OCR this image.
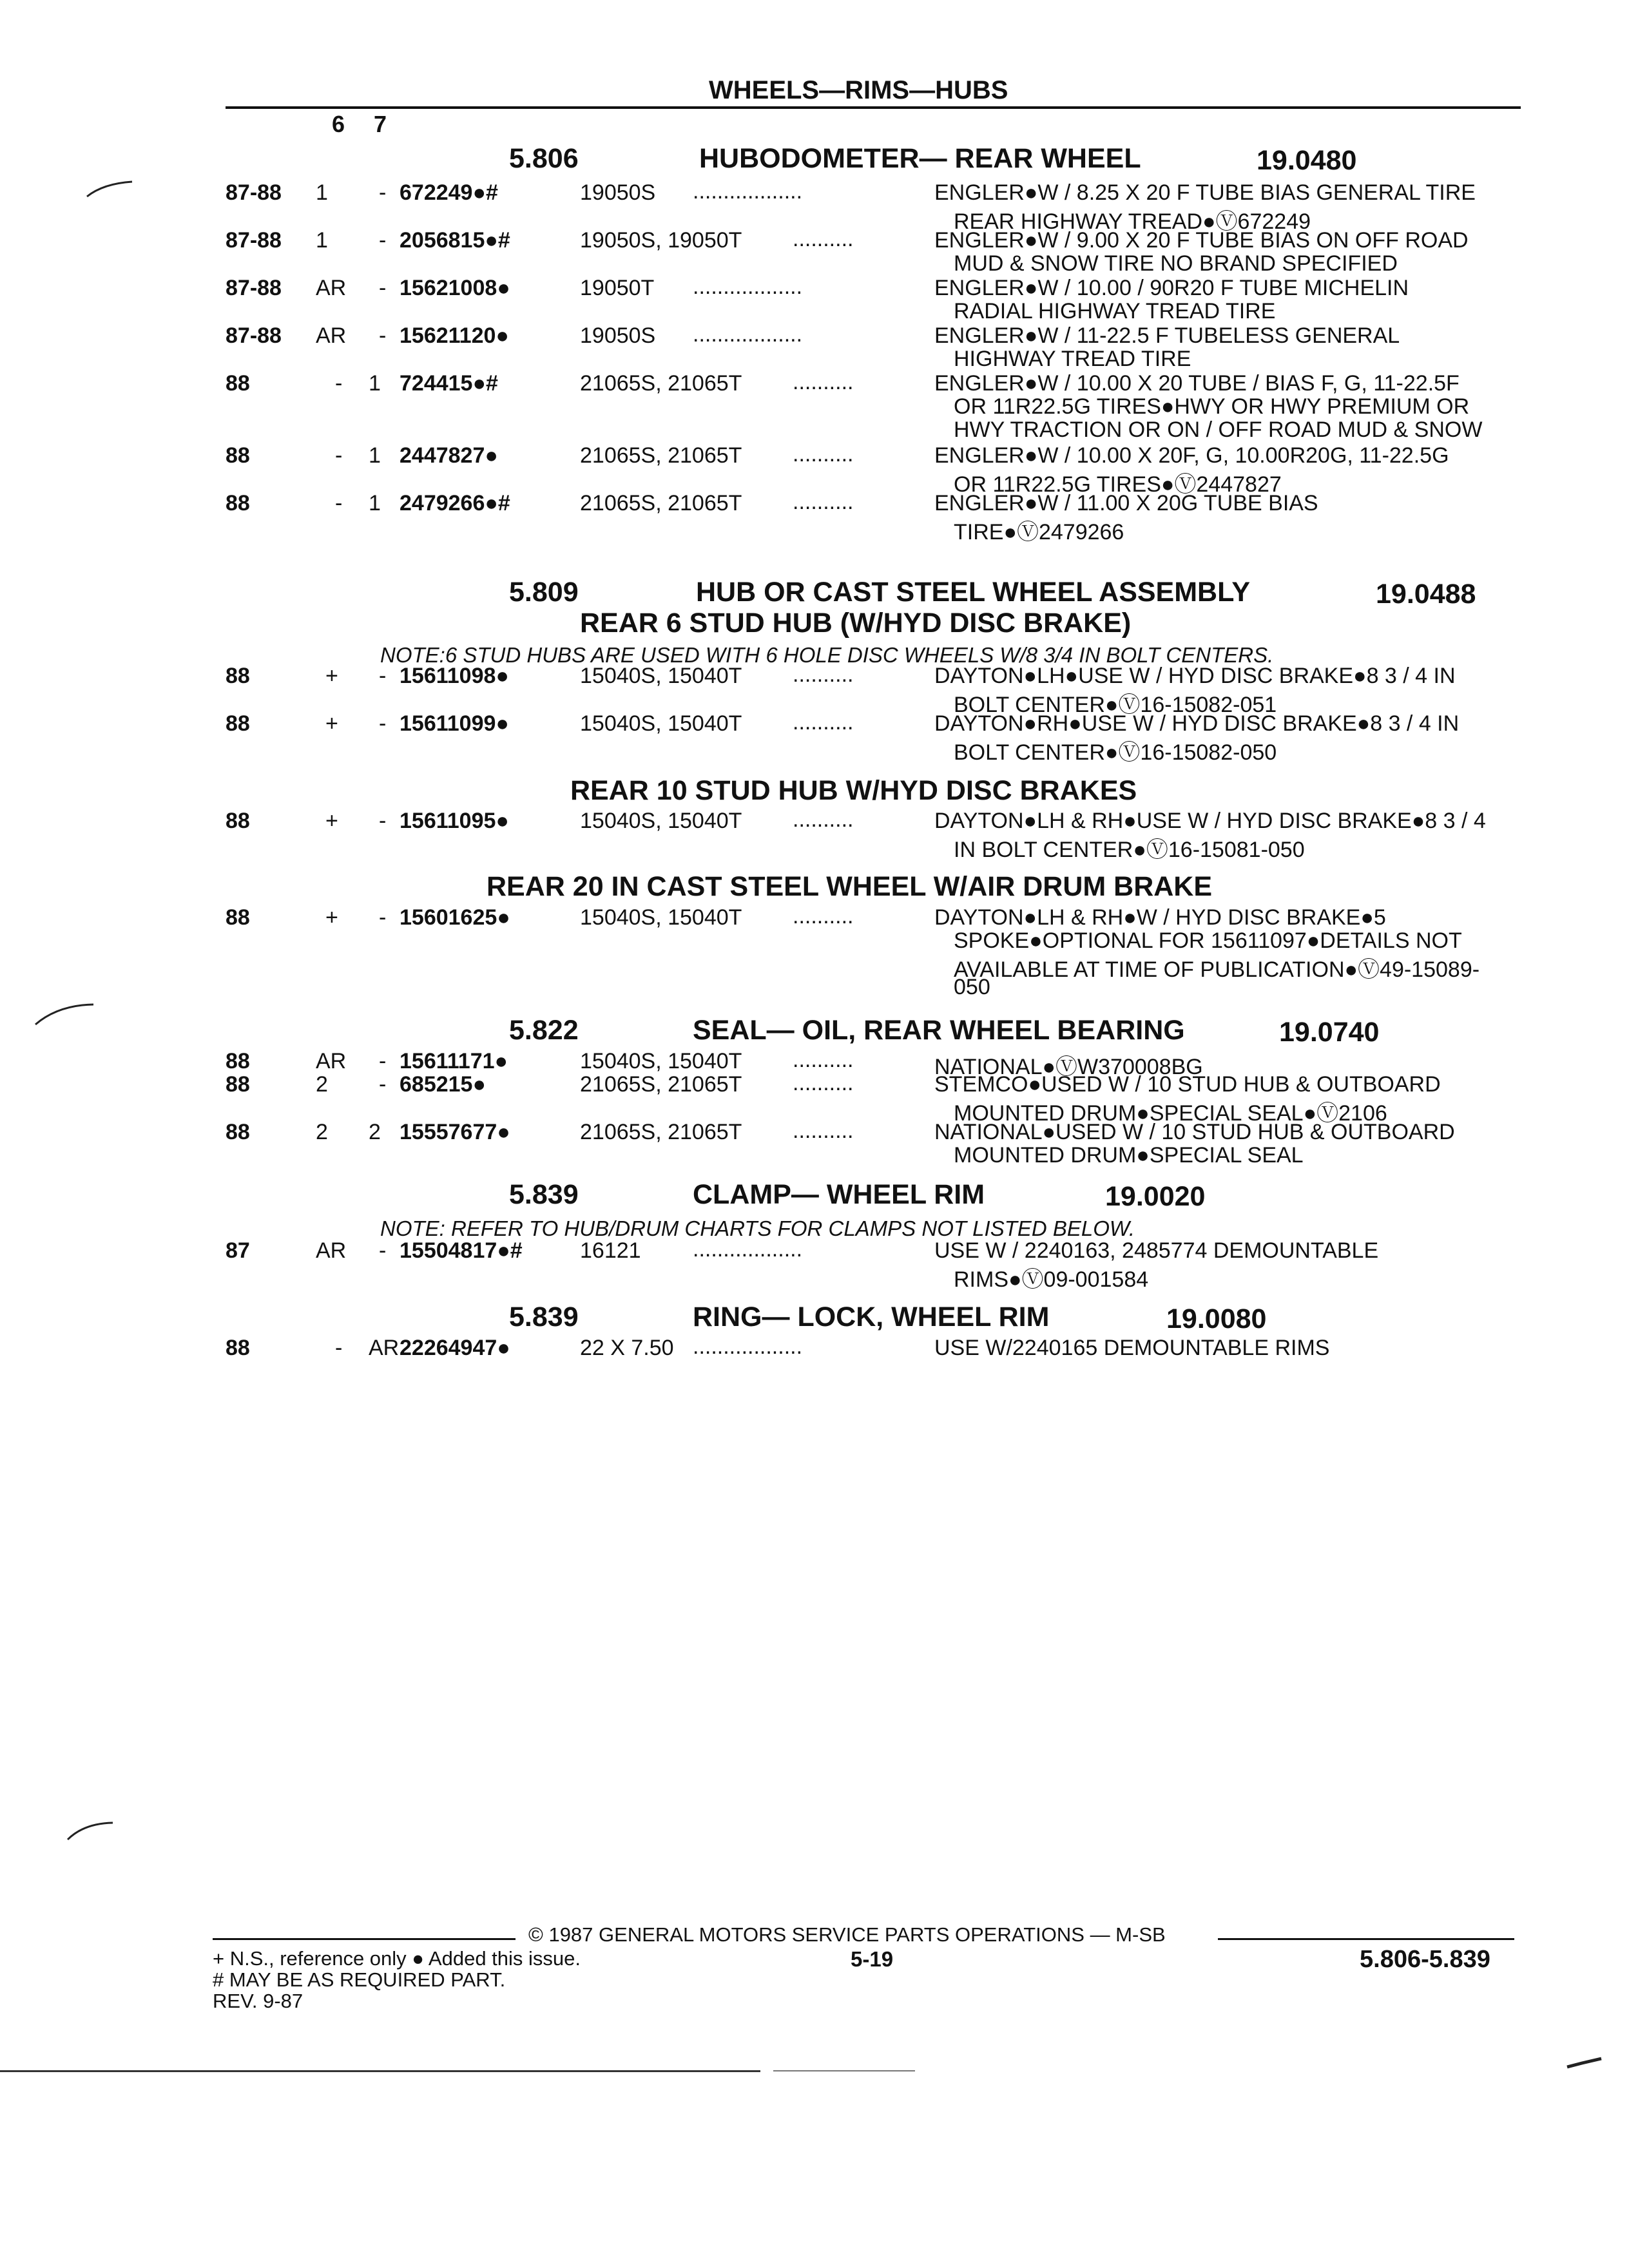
WHEELS—RIMS—HUBS
6 7
5.806	HUBODOMETER— REAR WHEEL	19.0480
87-88 1 - 672249●#	19050S ..................	ENGLER●W / 8.25 X 20 F TUBE BIAS GENERAL TIRE
REAR HIGHWAY TREAD●Ⓥ672249
87-88 1 - 2056815●#	19050S, 19050T ..........	ENGLER●W / 9.00 X 20 F TUBE BIAS ON OFF ROAD
MUD & SNOW TIRE NO BRAND SPECIFIED
87-88 AR - 15621008●	19050T ..................	ENGLER●W / 10.00 / 90R20 F TUBE MICHELIN
RADIAL HIGHWAY TREAD TIRE
87-88 AR - 15621120●	19050S ..................	ENGLER●W / 11-22.5 F TUBELESS GENERAL
HIGHWAY TREAD TIRE
88	- 1 724415●#	21065S, 21065T ..........	ENGLER●W / 10.00 X 20 TUBE / BIAS F, G, 11-22.5F
OR 11R22.5G TIRES●HWY OR HWY PREMIUM OR
HWY TRACTION OR ON / OFF ROAD MUD & SNOW
88	- 1 2447827●	21065S, 21065T ..........	ENGLER●W / 10.00 X 20F, G, 10.00R20G, 11-22.5G
OR 11R22.5G TIRES●Ⓥ2447827
88	- 1 2479266●#	21065S, 21065T ..........	ENGLER●W / 11.00 X 20G TUBE BIAS
TIRE●Ⓥ2479266
5.809	HUB OR CAST STEEL WHEEL ASSEMBLY	19.0488
REAR 6 STUD HUB (W/HYD DISC BRAKE)
NOTE:6 STUD HUBS ARE USED WITH 6 HOLE DISC WHEELS W/8 3/4 IN BOLT CENTERS.
88	+ - 15611098●	15040S, 15040T ..........	DAYTON●LH●USE W / HYD DISC BRAKE●8 3 / 4 IN
BOLT CENTER●Ⓥ16-15082-051
88	+ - 15611099●	15040S, 15040T ..........	DAYTON●RH●USE W / HYD DISC BRAKE●8 3 / 4 IN
BOLT CENTER●Ⓥ16-15082-050
REAR 10 STUD HUB W/HYD DISC BRAKES
88	+ - 15611095●	15040S, 15040T ..........	DAYTON●LH & RH●USE W / HYD DISC BRAKE●8 3 / 4
IN BOLT CENTER●Ⓥ16-15081-050
REAR 20 IN CAST STEEL WHEEL W/AIR DRUM BRAKE
88	+ - 15601625●	15040S, 15040T ..........	DAYTON●LH & RH●W / HYD DISC BRAKE●5
SPOKE●OPTIONAL FOR 15611097●DETAILS NOT
AVAILABLE AT TIME OF PUBLICATION●Ⓥ49-15089-
050
5.822	SEAL— OIL, REAR WHEEL BEARING	19.0740
88	AR - 15611171●	15040S, 15040T ..........	NATIONAL●ⓋW370008BG
88	2 - 685215●	21065S, 21065T ..........	STEMCO●USED W / 10 STUD HUB & OUTBOARD
MOUNTED DRUM●SPECIAL SEAL●Ⓥ2106
88	2 2 15557677●	21065S, 21065T ..........	NATIONAL●USED W / 10 STUD HUB & OUTBOARD
MOUNTED DRUM●SPECIAL SEAL
5.839	CLAMP— WHEEL RIM	19.0020
NOTE: REFER TO HUB/DRUM CHARTS FOR CLAMPS NOT LISTED BELOW.
87	AR - 15504817●#	16121 ..................	USE W / 2240163, 2485774 DEMOUNTABLE
RIMS●Ⓥ09-001584
5.839	RING— LOCK, WHEEL RIM	19.0080
88	- AR 22264947●	22 X 7.50 ..................	USE W/2240165 DEMOUNTABLE RIMS
© 1987 GENERAL MOTORS SERVICE PARTS OPERATIONS — M-SB
+ N.S., reference only ● Added this issue.
# MAY BE AS REQUIRED PART.
REV. 9-87
5-19	5.806-5.839
